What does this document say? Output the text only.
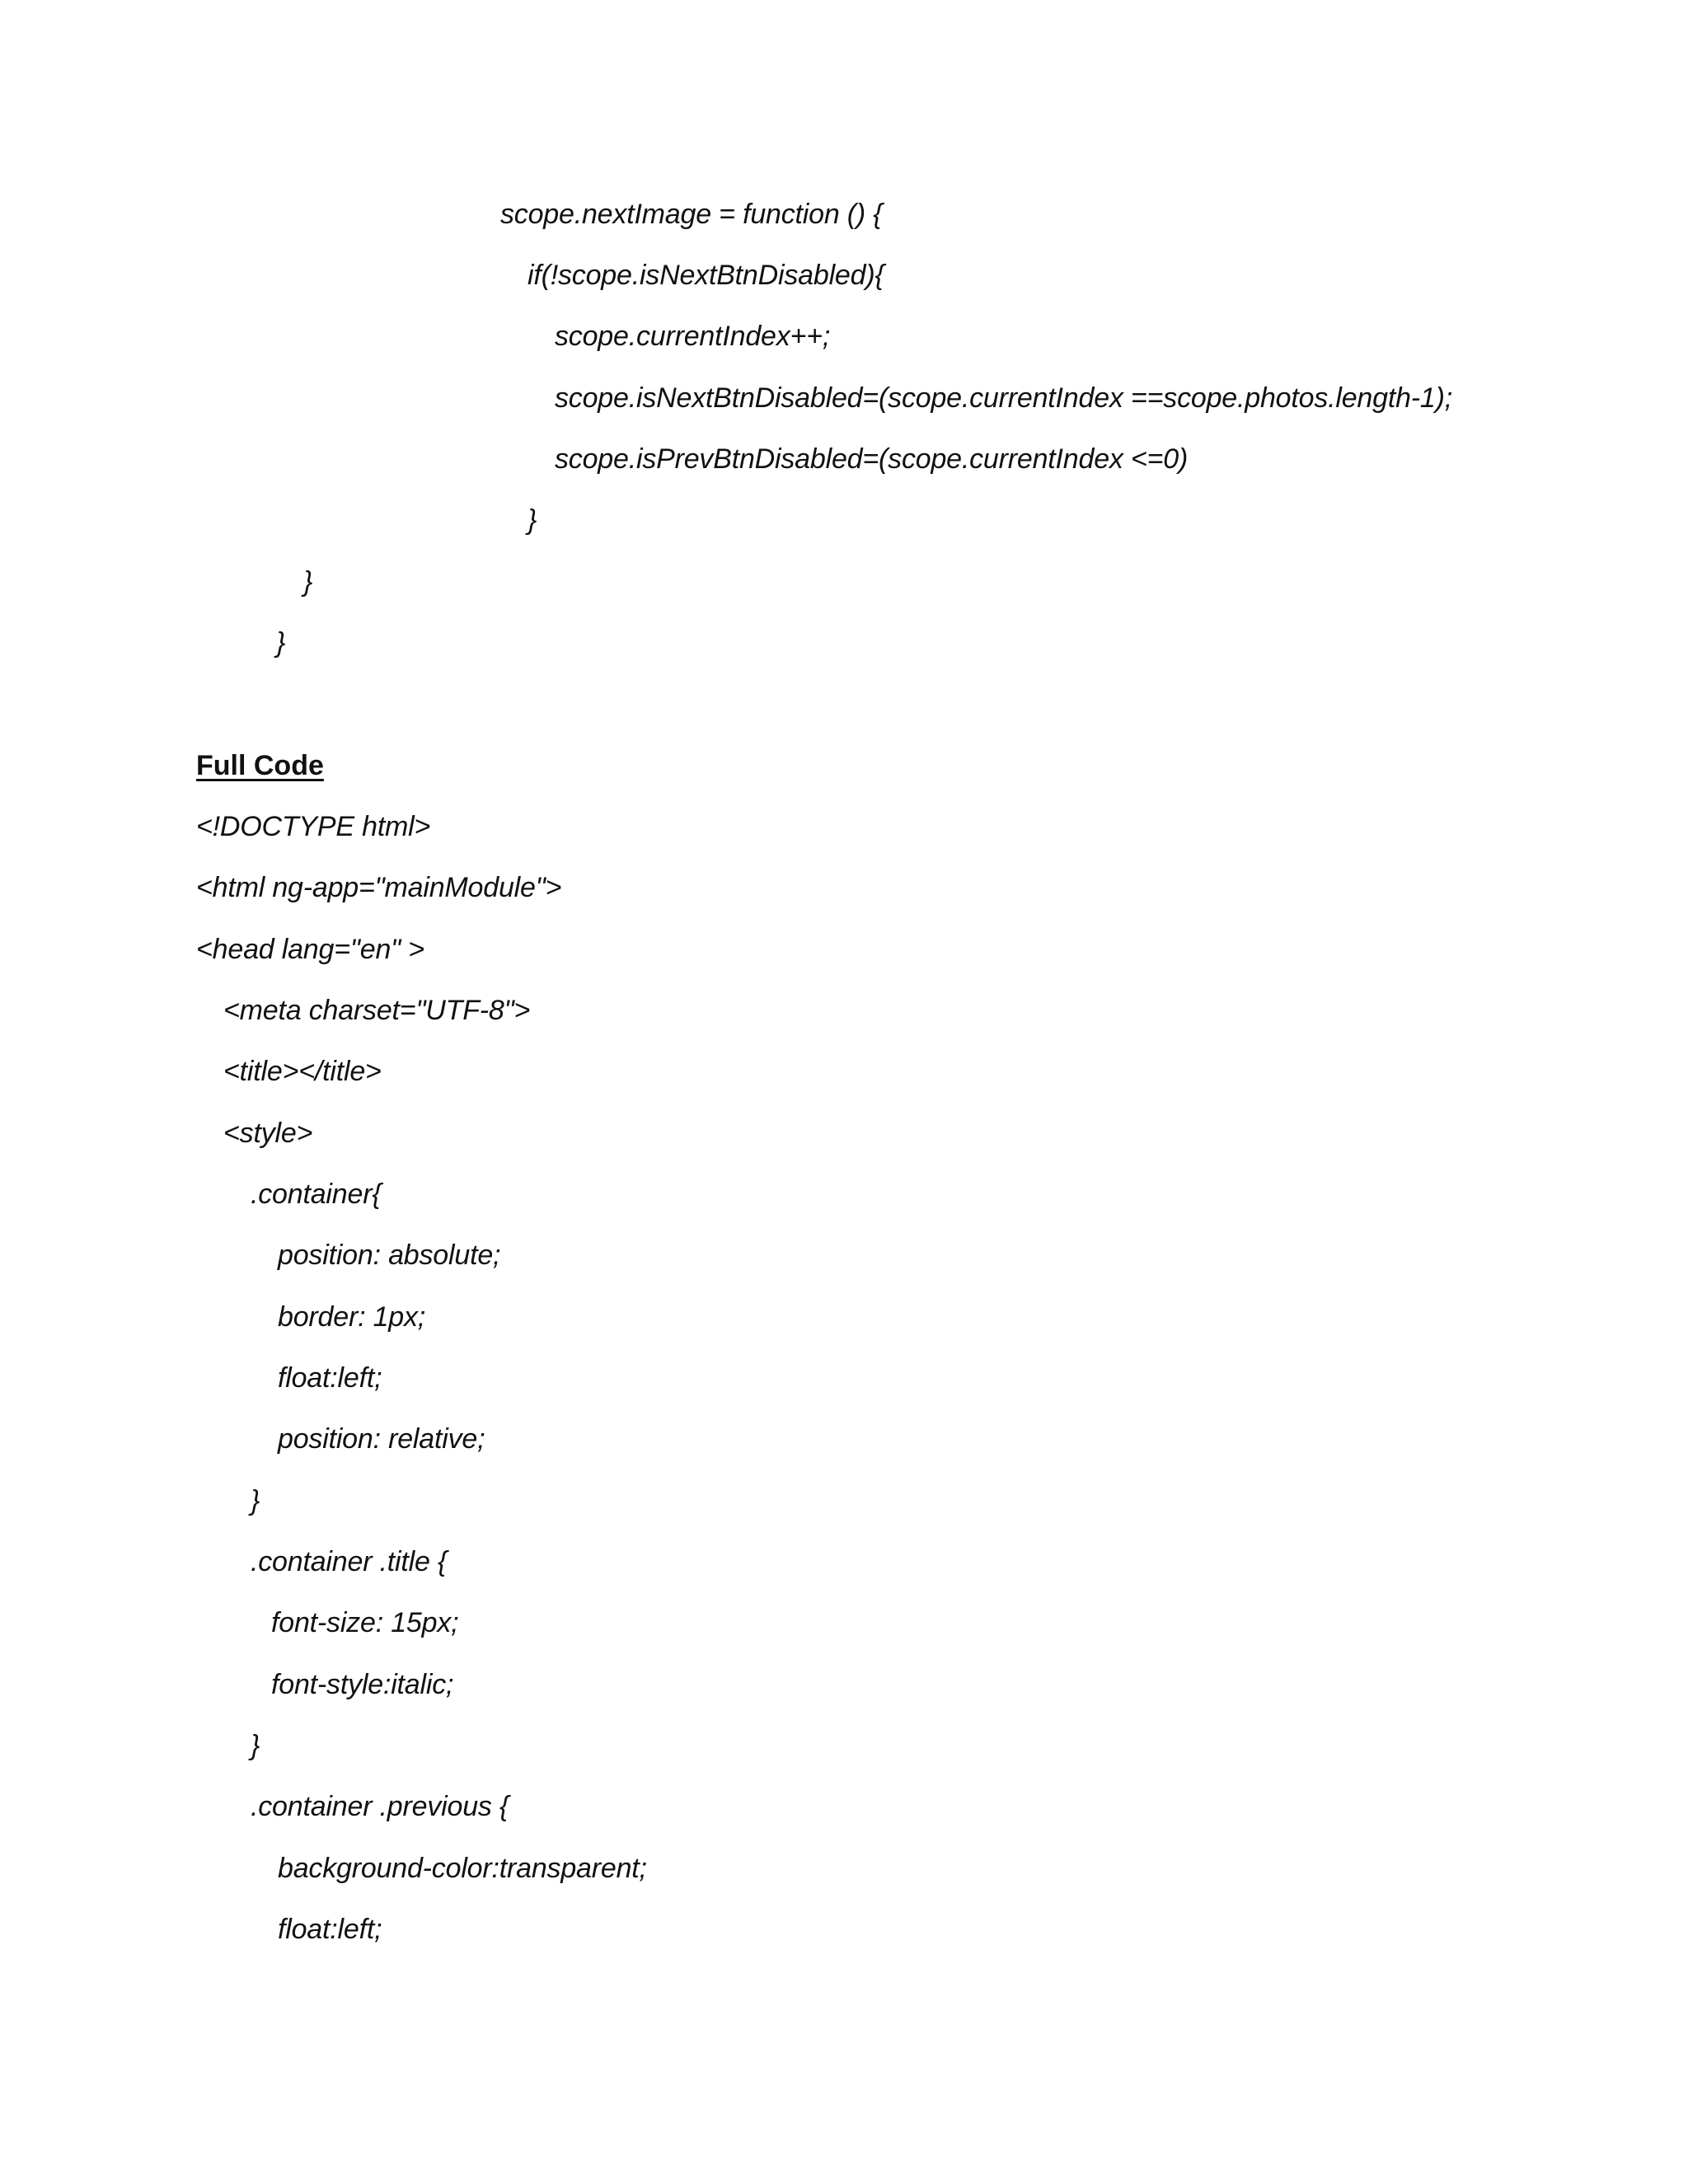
scope.nextImage = function () {
if(!scope.isNextBtnDisabled){
scope.currentIndex++;
scope.isNextBtnDisabled=(scope.currentIndex ==scope.photos.length-1);
scope.isPrevBtnDisabled=(scope.currentIndex <=0)
}
}
}
Full Code
<!DOCTYPE html>
<html ng-app="mainModule">
<head lang="en" >
<meta charset="UTF-8">
<title></title>
<style>
.container{
position: absolute;
border: 1px;
float:left;
position: relative;
}
.container .title {
font-size: 15px;
font-style:italic;
}
.container .previous {
background-color:transparent;
float:left;
